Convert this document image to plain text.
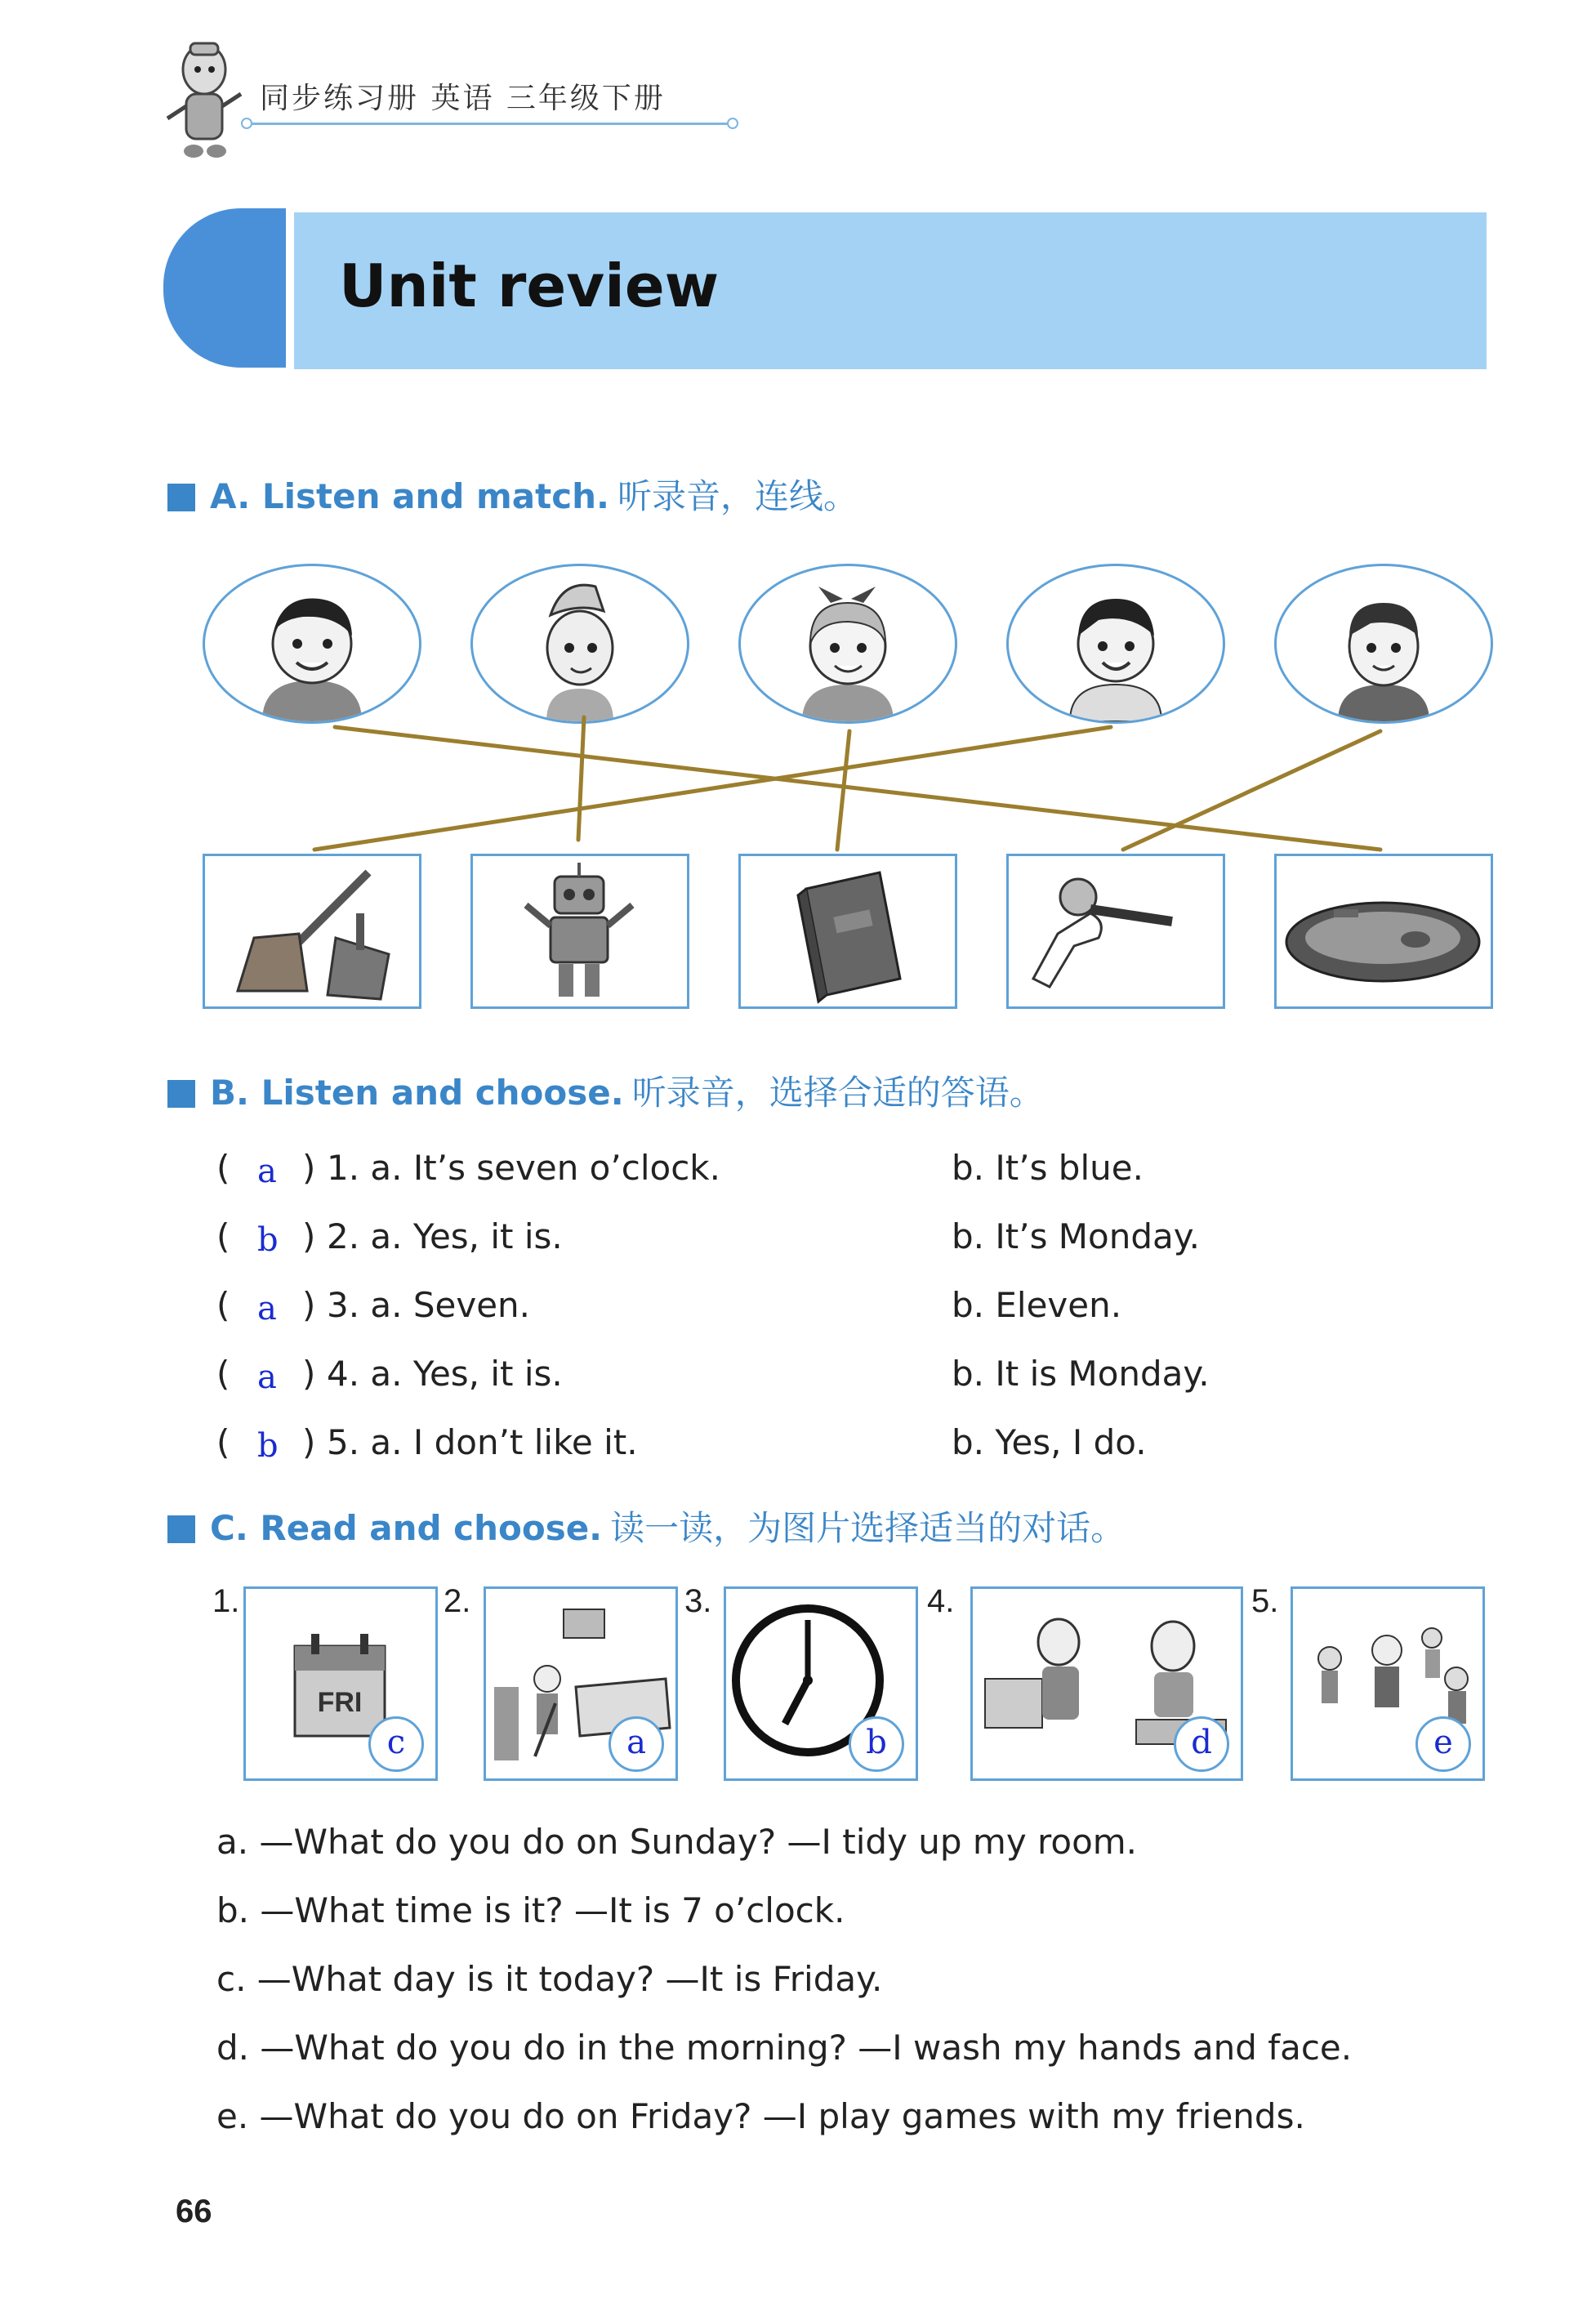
同步练习册 英语 三年级下册
Unit review
A. Listen and match. 听录音，连线。
B. Listen and choose. 听录音，选择合适的答语。
( a ) 1. a. It’s seven o’clock.	b. It’s blue.
( b ) 2. a. Yes, it is.	b. It’s Monday.
( a ) 3. a. Seven.	b. Eleven.
( a ) 4. a. Yes, it is.	b. It is Monday.
( b ) 5. a. I don’t like it.	b. Yes, I do.
C. Read and choose. 读一读，为图片选择适当的对话。
1.
FRI
c
2.
a
3.
b
4.
d
5.
e
a. —What do you do on Sunday? —I tidy up my room.
b. —What time is it? —It is 7 o’clock.
c. —What day is it today? —It is Friday.
d. —What do you do in the morning? —I wash my hands and face.
e. —What do you do on Friday? —I play games with my friends.
66
